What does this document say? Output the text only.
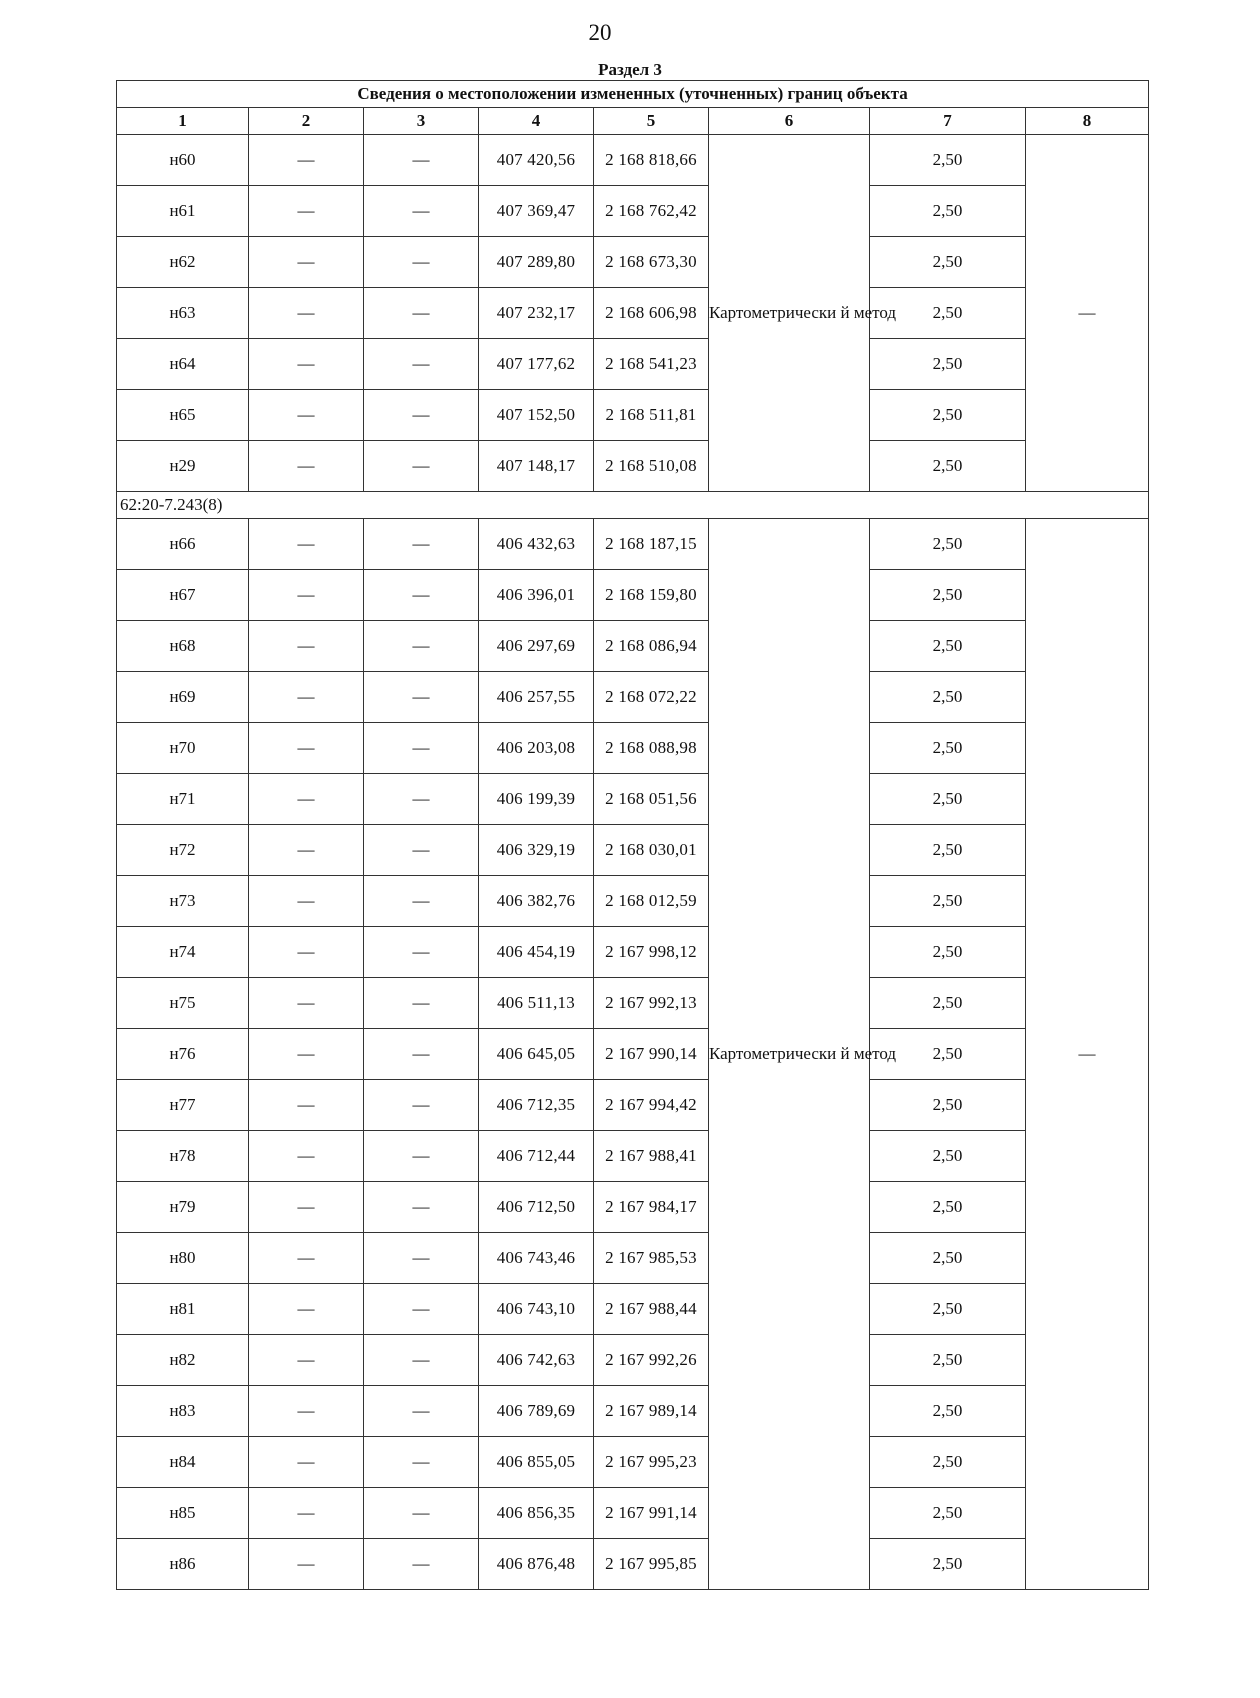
20
Раздел 3
Сведения о местоположении измененных (уточненных) границ объекта							
1	2	3	4	5	6	7	8
н60	—	—	407 420,56	2 168 818,66	Картометрически й метод	2,50	—
н61	—	—	407 369,47	2 168 762,42		2,50	
н62	—	—	407 289,80	2 168 673,30		2,50	
н63	—	—	407 232,17	2 168 606,98		2,50	
н64	—	—	407 177,62	2 168 541,23		2,50	
н65	—	—	407 152,50	2 168 511,81		2,50	
н29	—	—	407 148,17	2 168 510,08		2,50	
62:20-7.243(8)							
н66	—	—	406 432,63	2 168 187,15	Картометрически й метод	2,50	—
н67	—	—	406 396,01	2 168 159,80		2,50	
н68	—	—	406 297,69	2 168 086,94		2,50	
н69	—	—	406 257,55	2 168 072,22		2,50	
н70	—	—	406 203,08	2 168 088,98		2,50	
н71	—	—	406 199,39	2 168 051,56		2,50	
н72	—	—	406 329,19	2 168 030,01		2,50	
н73	—	—	406 382,76	2 168 012,59		2,50	
н74	—	—	406 454,19	2 167 998,12		2,50	
н75	—	—	406 511,13	2 167 992,13		2,50	
н76	—	—	406 645,05	2 167 990,14		2,50	
н77	—	—	406 712,35	2 167 994,42		2,50	
н78	—	—	406 712,44	2 167 988,41		2,50	
н79	—	—	406 712,50	2 167 984,17		2,50	
н80	—	—	406 743,46	2 167 985,53		2,50	
н81	—	—	406 743,10	2 167 988,44		2,50	
н82	—	—	406 742,63	2 167 992,26		2,50	
н83	—	—	406 789,69	2 167 989,14		2,50	
н84	—	—	406 855,05	2 167 995,23		2,50	
н85	—	—	406 856,35	2 167 991,14		2,50	
н86	—	—	406 876,48	2 167 995,85		2,50	
